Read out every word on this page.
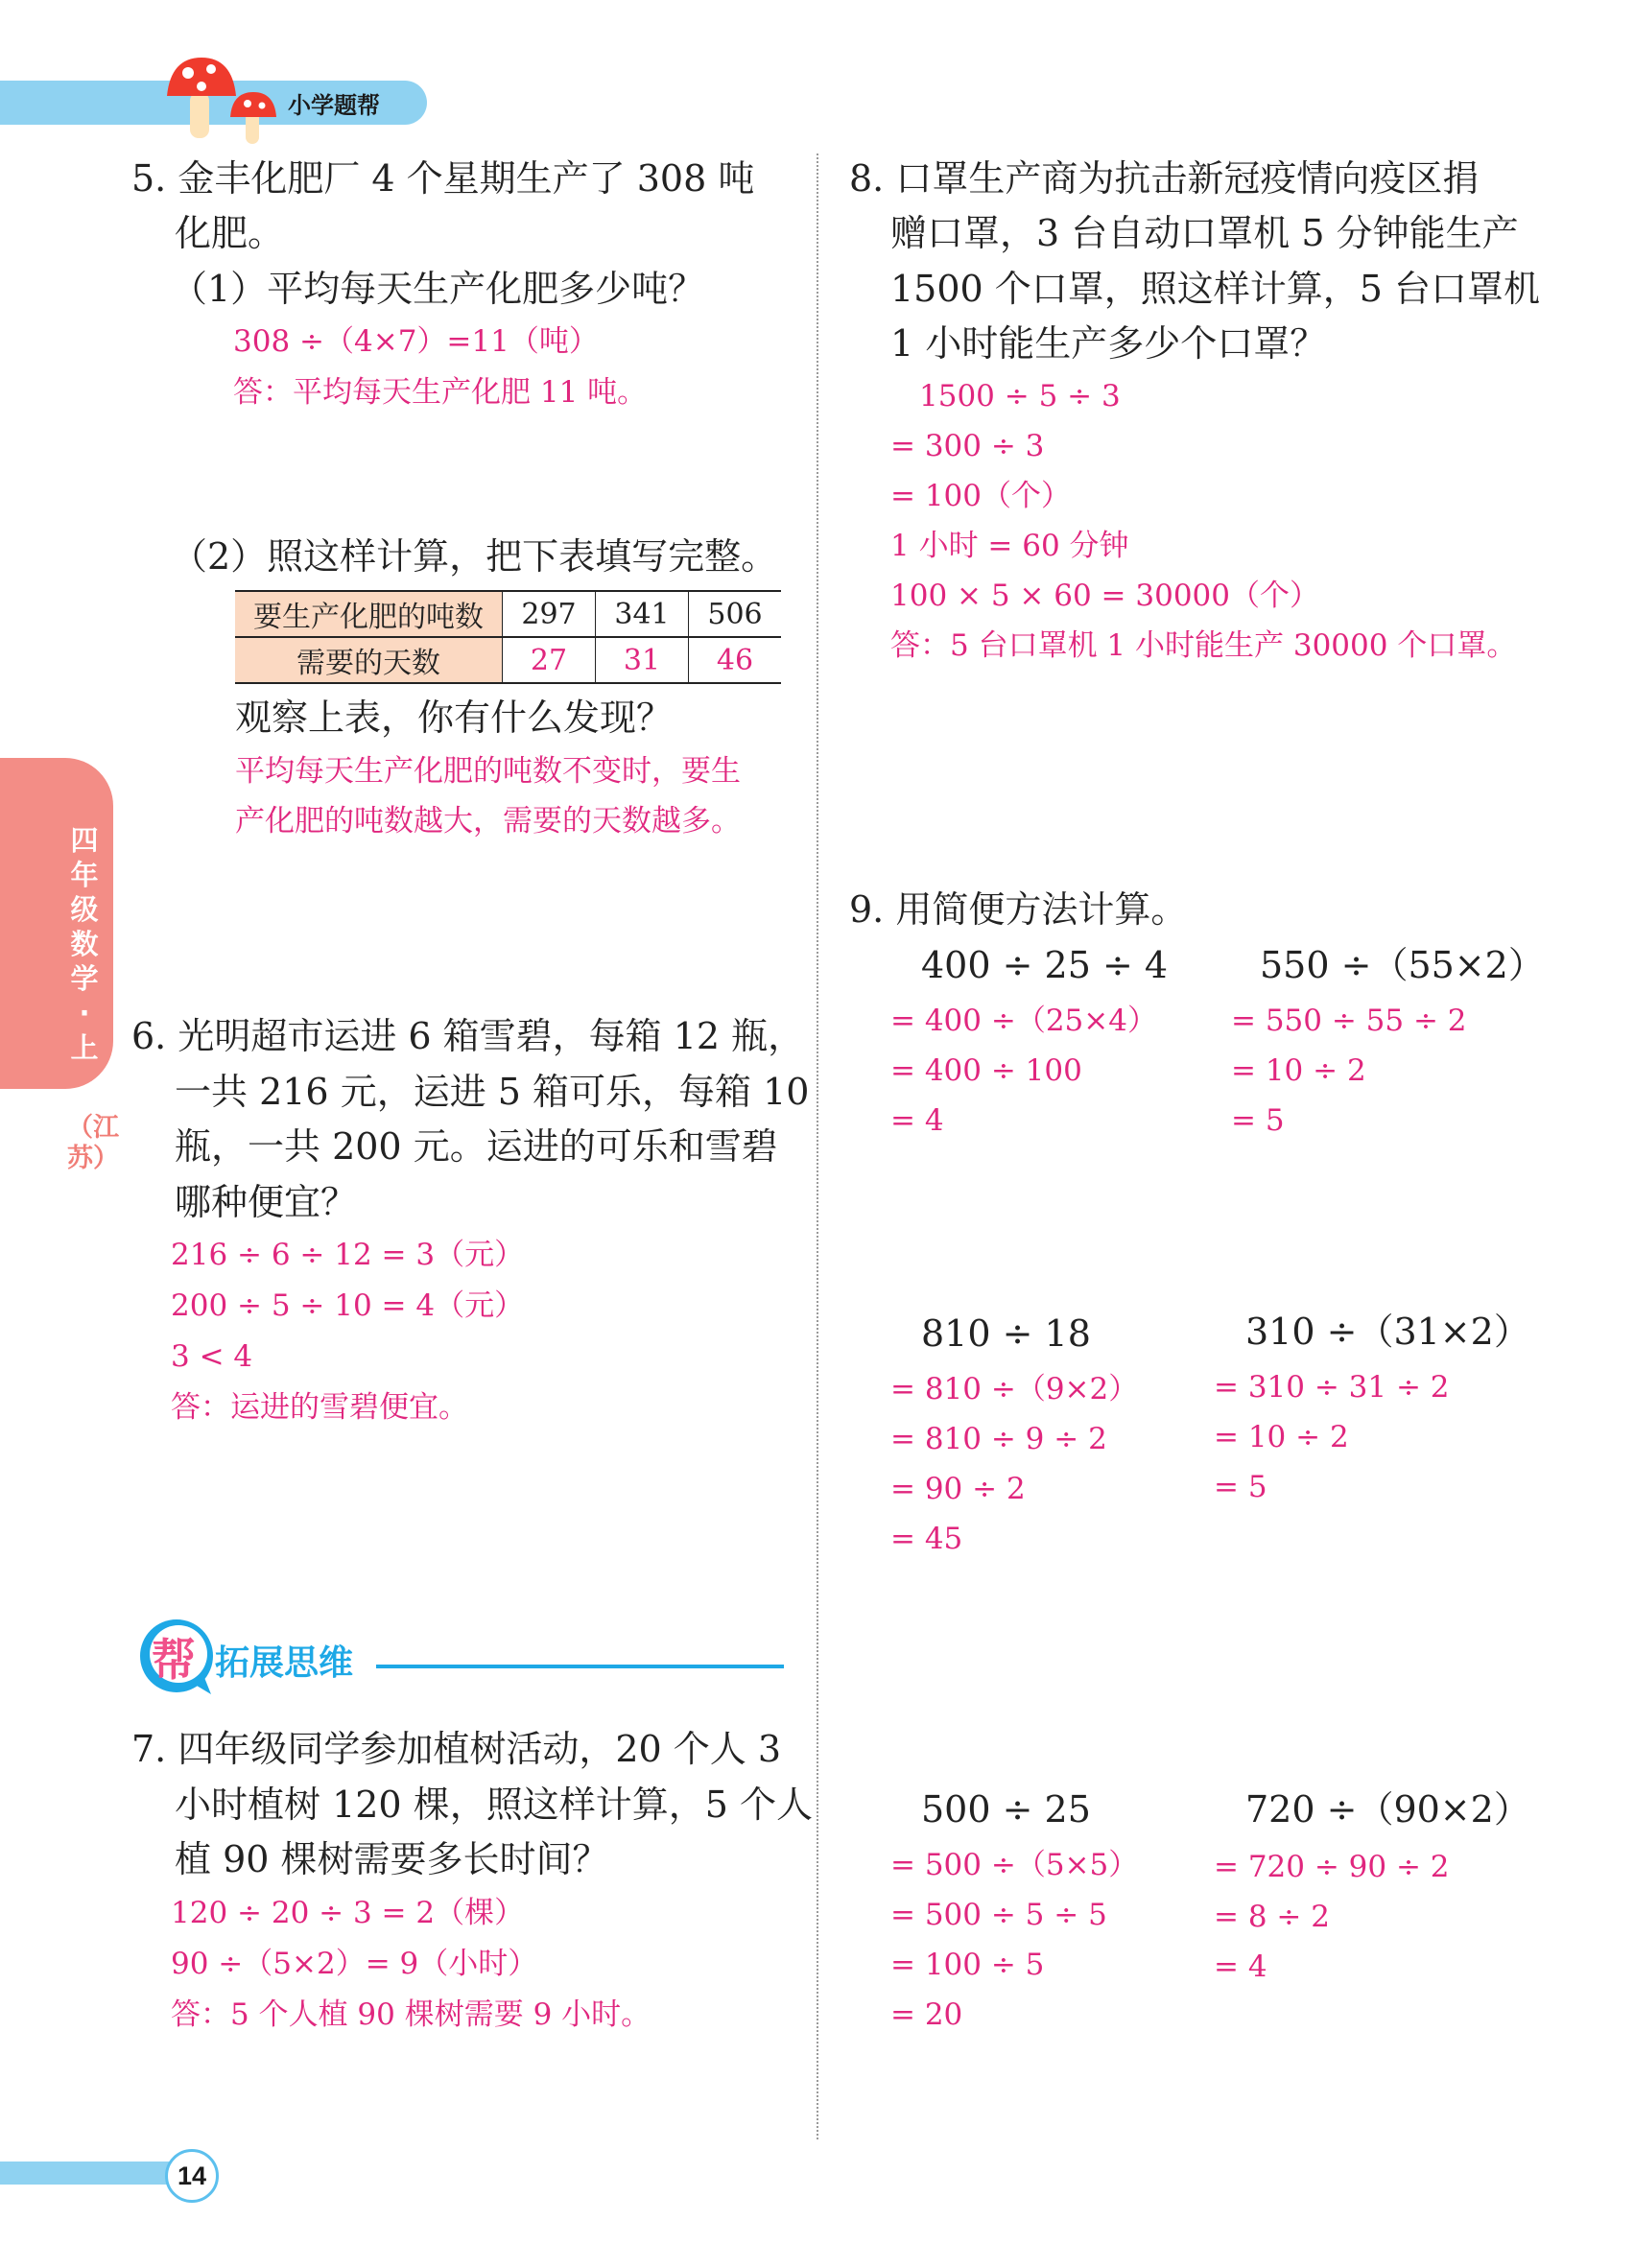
小学题帮
四年级数学·上
（江苏）
5. 金丰化肥厂 4 个星期生产了 308 吨
化肥。
（1）平均每天生产化肥多少吨？
308 ÷（4×7）=11（吨）
答：平均每天生产化肥 11 吨。
（2）照这样计算，把下表填写完整。
要生产化肥的吨数	297	341	506
需要的天数	27	31	46
观察上表，你有什么发现？
平均每天生产化肥的吨数不变时，要生
产化肥的吨数越大，需要的天数越多。
6. 光明超市运进 6 箱雪碧，每箱 12 瓶，
一共 216 元，运进 5 箱可乐，每箱 10
瓶，一共 200 元。运进的可乐和雪碧
哪种便宜？
216 ÷ 6 ÷ 12 = 3（元）
200 ÷ 5 ÷ 10 = 4（元）
3 < 4
答：运进的雪碧便宜。
帮 拓展思维
7. 四年级同学参加植树活动，20 个人 3
小时植树 120 棵，照这样计算，5 个人
植 90 棵树需要多长时间？
120 ÷ 20 ÷ 3 = 2（棵）
90 ÷（5×2）= 9（小时）
答：5 个人植 90 棵树需要 9 小时。
8. 口罩生产商为抗击新冠疫情向疫区捐
赠口罩，3 台自动口罩机 5 分钟能生产
1500 个口罩，照这样计算，5 台口罩机
1 小时能生产多少个口罩？
1500 ÷ 5 ÷ 3
= 300 ÷ 3
= 100（个）
1 小时 = 60 分钟
100 × 5 × 60 = 30000（个）
答：5 台口罩机 1 小时能生产 30000 个口罩。
9. 用简便方法计算。
400 ÷ 25 ÷ 4
= 400 ÷（25×4）
= 400 ÷ 100
= 4
550 ÷（55×2）
= 550 ÷ 55 ÷ 2
= 10 ÷ 2
= 5
810 ÷ 18
= 810 ÷（9×2）
= 810 ÷ 9 ÷ 2
= 90 ÷ 2
= 45
310 ÷（31×2）
= 310 ÷ 31 ÷ 2
= 10 ÷ 2
= 5
500 ÷ 25
= 500 ÷（5×5）
= 500 ÷ 5 ÷ 5
= 100 ÷ 5
= 20
720 ÷（90×2）
= 720 ÷ 90 ÷ 2
= 8 ÷ 2
= 4
14
